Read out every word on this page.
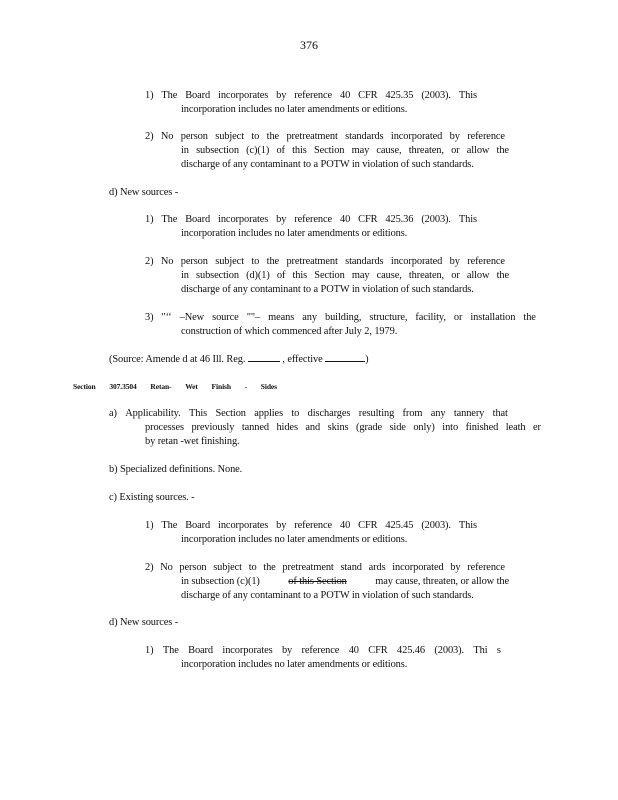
376
1) The Board incorporates by reference 40 CFR 425.35 (2003). This
incorporation includes no later amendments or editions.
2) No person subject to the pretreatment standards incorporated by reference
in subsection (c)(1) of this Section may cause, threaten, or allow the
discharge of any contaminant to a POTW in violation of such standards.
d) New sources -
1) The Board incorporates by reference 40 CFR 425.36 (2003). This
incorporation includes no later amendments or editions.
2) No person subject to the pretreatment standards incorporated by reference
in subsection (d)(1) of this Section may cause, threaten, or allow the
discharge of any contaminant to a POTW in violation of such standards.
3) "‘‘ –New source ""– means any building, structure, facility, or installation the
construction of which commenced after July 2, 1979.
(Source: Amende d at 46 Ill. Reg.	, effective	)
Section 307.3504 Retan- Wet Finish - Sides
a) Applicability. This Section applies to discharges resulting from any tannery that
processes previously tanned hides and skins (grade side only) into finished leath er
by retan -wet finishing.
b) Specialized definitions. None.
c) Existing sources. -
1) The Board incorporates by reference 40 CFR 425.45 (2003). This
incorporation includes no later amendments or editions.
2) No person subject to the pretreatment stand ards incorporated by reference
in subsection (c)(1)	of this Section	may cause, threaten, or allow the
discharge of any contaminant to a POTW in violation of such standards.
d) New sources -
1) The Board incorporates by reference 40 CFR 425.46 (2003). Thi s
incorporation includes no later amendments or editions.
